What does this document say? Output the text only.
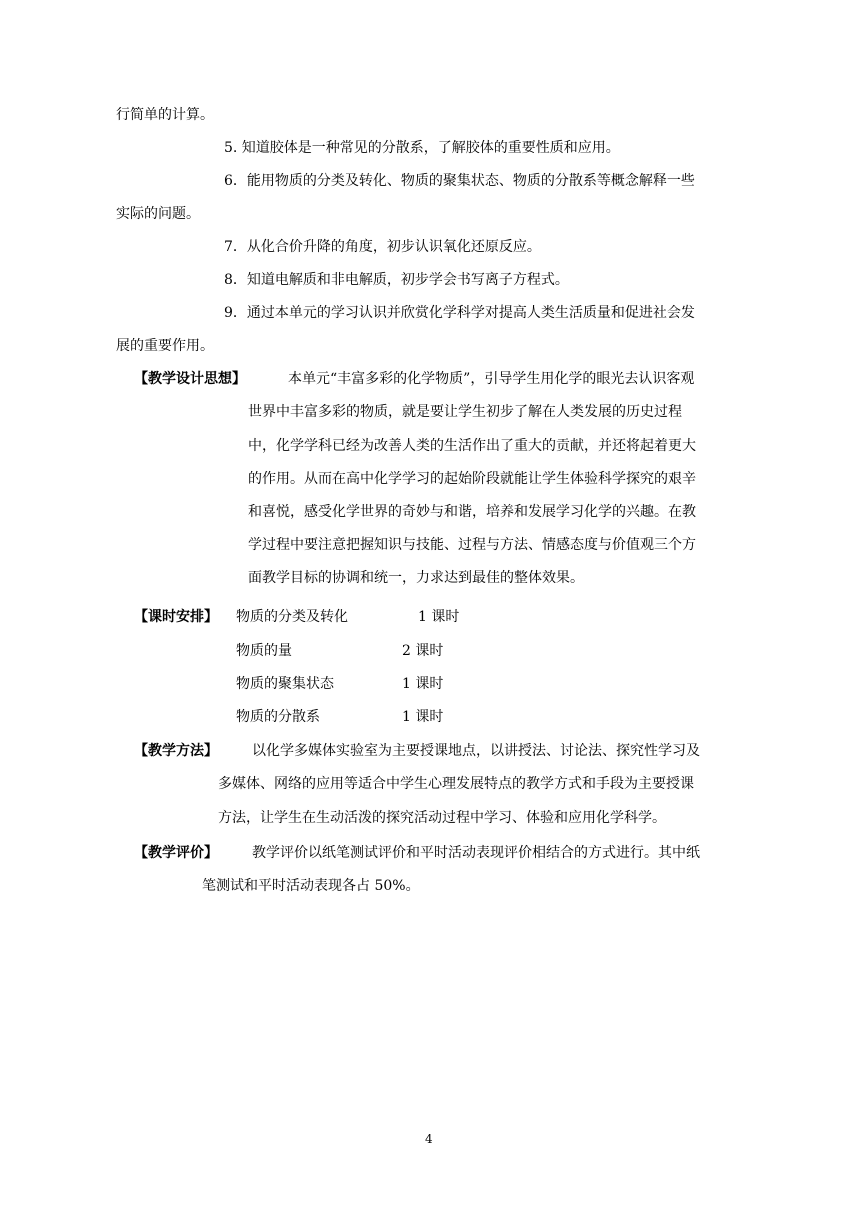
行简单的计算。
5. 知道胶体是一种常见的分散系，了解胶体的重要性质和应用。
6．能用物质的分类及转化、物质的聚集状态、物质的分散系等概念解释一些
实际的问题。
7．从化合价升降的角度，初步认识氧化还原反应。
8．知道电解质和非电解质，初步学会书写离子方程式。
9．通过本单元的学习认识并欣赏化学科学对提高人类生活质量和促进社会发
展的重要作用。
【教学设计思想】	本单元“丰富多彩的化学物质”，引导学生用化学的眼光去认识客观
世界中丰富多彩的物质，就是要让学生初步了解在人类发展的历史过程
中，化学学科已经为改善人类的生活作出了重大的贡献，并还将起着更大
的作用。从而在高中化学学习的起始阶段就能让学生体验科学探究的艰辛
和喜悦，感受化学世界的奇妙与和谐，培养和发展学习化学的兴趣。在教
学过程中要注意把握知识与技能、过程与方法、情感态度与价值观三个方
面教学目标的协调和统一，力求达到最佳的整体效果。
【课时安排】 物质的分类及转化	1 课时
物质的量	2 课时
物质的聚集状态	1 课时
物质的分散系	1 课时
【教学方法】 以化学多媒体实验室为主要授课地点，以讲授法、讨论法、探究性学习及
多媒体、网络的应用等适合中学生心理发展特点的教学方式和手段为主要授课
方法，让学生在生动活泼的探究活动过程中学习、体验和应用化学科学。
【教学评价】 教学评价以纸笔测试评价和平时活动表现评价相结合的方式进行。其中纸
笔测试和平时活动表现各占 50%。
4
